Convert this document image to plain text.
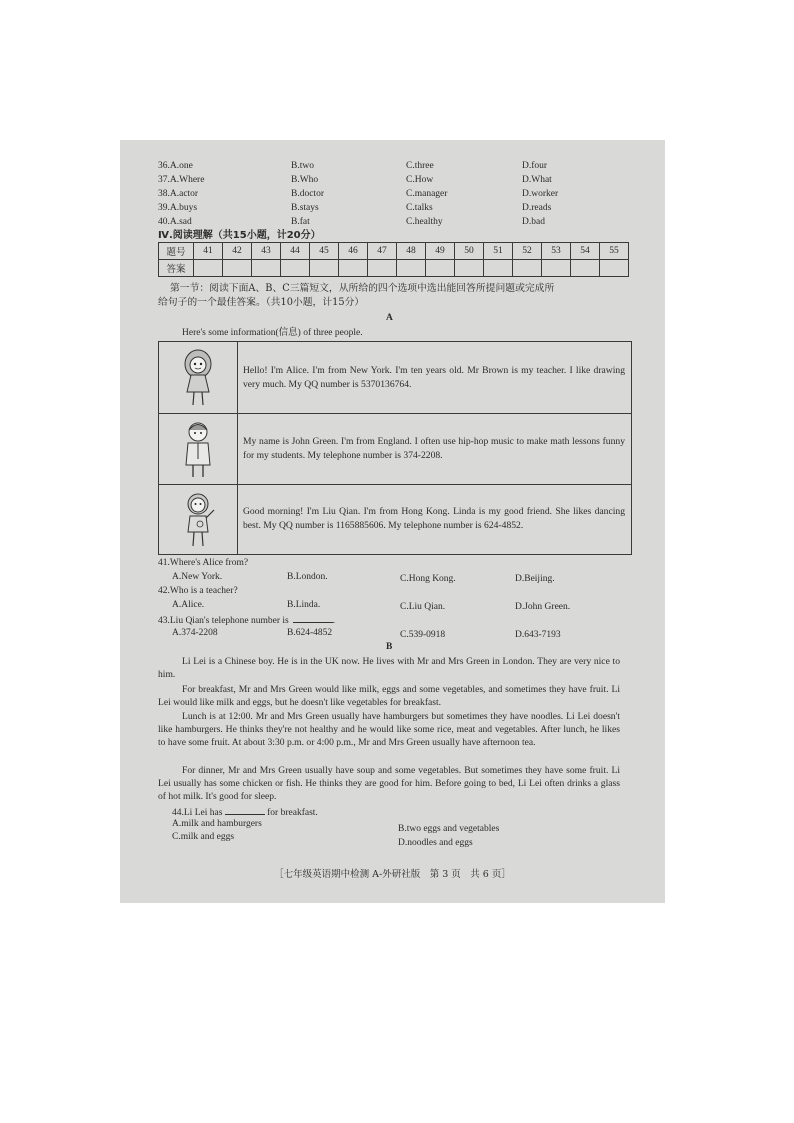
36.A.one	B.two	C.three	D.four
37.A.Where	B.Who	C.How	D.What
38.A.actor	B.doctor	C.manager	D.worker
39.A.buys	B.stays	C.talks	D.reads
40.A.sad	B.fat	C.healthy	D.bad
Ⅳ.阅读理解（共15小题，计20分）
题号	41	42	43	44	45	46	47	48	49	50	51	52	53	54	55
答案															
第一节：阅读下面A、B、C三篇短文，从所给的四个选项中选出能回答所提问题或完成所
给句子的一个最佳答案。（共10小题，计15分）
A
Here's some information(信息) of three people.
Hello! I'm Alice. I'm from New York. I'm ten years old. Mr Brown is my teacher. I like drawing very much. My QQ number is 5370136764.
My name is John Green. I'm from England. I often use hip-hop music to make math lessons funny for my students. My telephone number is 374-2208.
Good morning! I'm Liu Qian. I'm from Hong Kong. Linda is my good friend. She likes dancing best. My QQ number is 1165885606. My telephone number is 624-4852.
41.Where's Alice from?
A.New York.	B.London.	C.Hong Kong.	D.Beijing.
42.Who is a teacher?
A.Alice.	B.Linda.	C.Liu Qian.	D.John Green.
43.Liu Qian's telephone number is	.
A.374-2208	B.624-4852	C.539-0918	D.643-7193
B
Li Lei is a Chinese boy. He is in the UK now. He lives with Mr and Mrs Green in London. They are very nice to him.
For breakfast, Mr and Mrs Green would like milk, eggs and some vegetables, and sometimes they have fruit. Li Lei would like milk and eggs, but he doesn't like vegetables for breakfast.
Lunch is at 12:00. Mr and Mrs Green usually have hamburgers but sometimes they have noodles. Li Lei doesn't like hamburgers. He thinks they're not healthy and he would like some rice, meat and vegetables. After lunch, he likes to have some fruit. At about 3:30 p.m. or 4:00 p.m., Mr and Mrs Green usually have afternoon tea.
For dinner, Mr and Mrs Green usually have soup and some vegetables. But sometimes they have some fruit. Li Lei usually has some chicken or fish. He thinks they are good for him. Before going to bed, Li Lei often drinks a glass of hot milk. It's good for sleep.
44.Li Lei has	for breakfast.
A.milk and hamburgers	B.two eggs and vegetables
C.milk and eggs
D.noodles and eggs
［七年级英语期中检测 A-外研社版　第 3 页　共 6 页］
